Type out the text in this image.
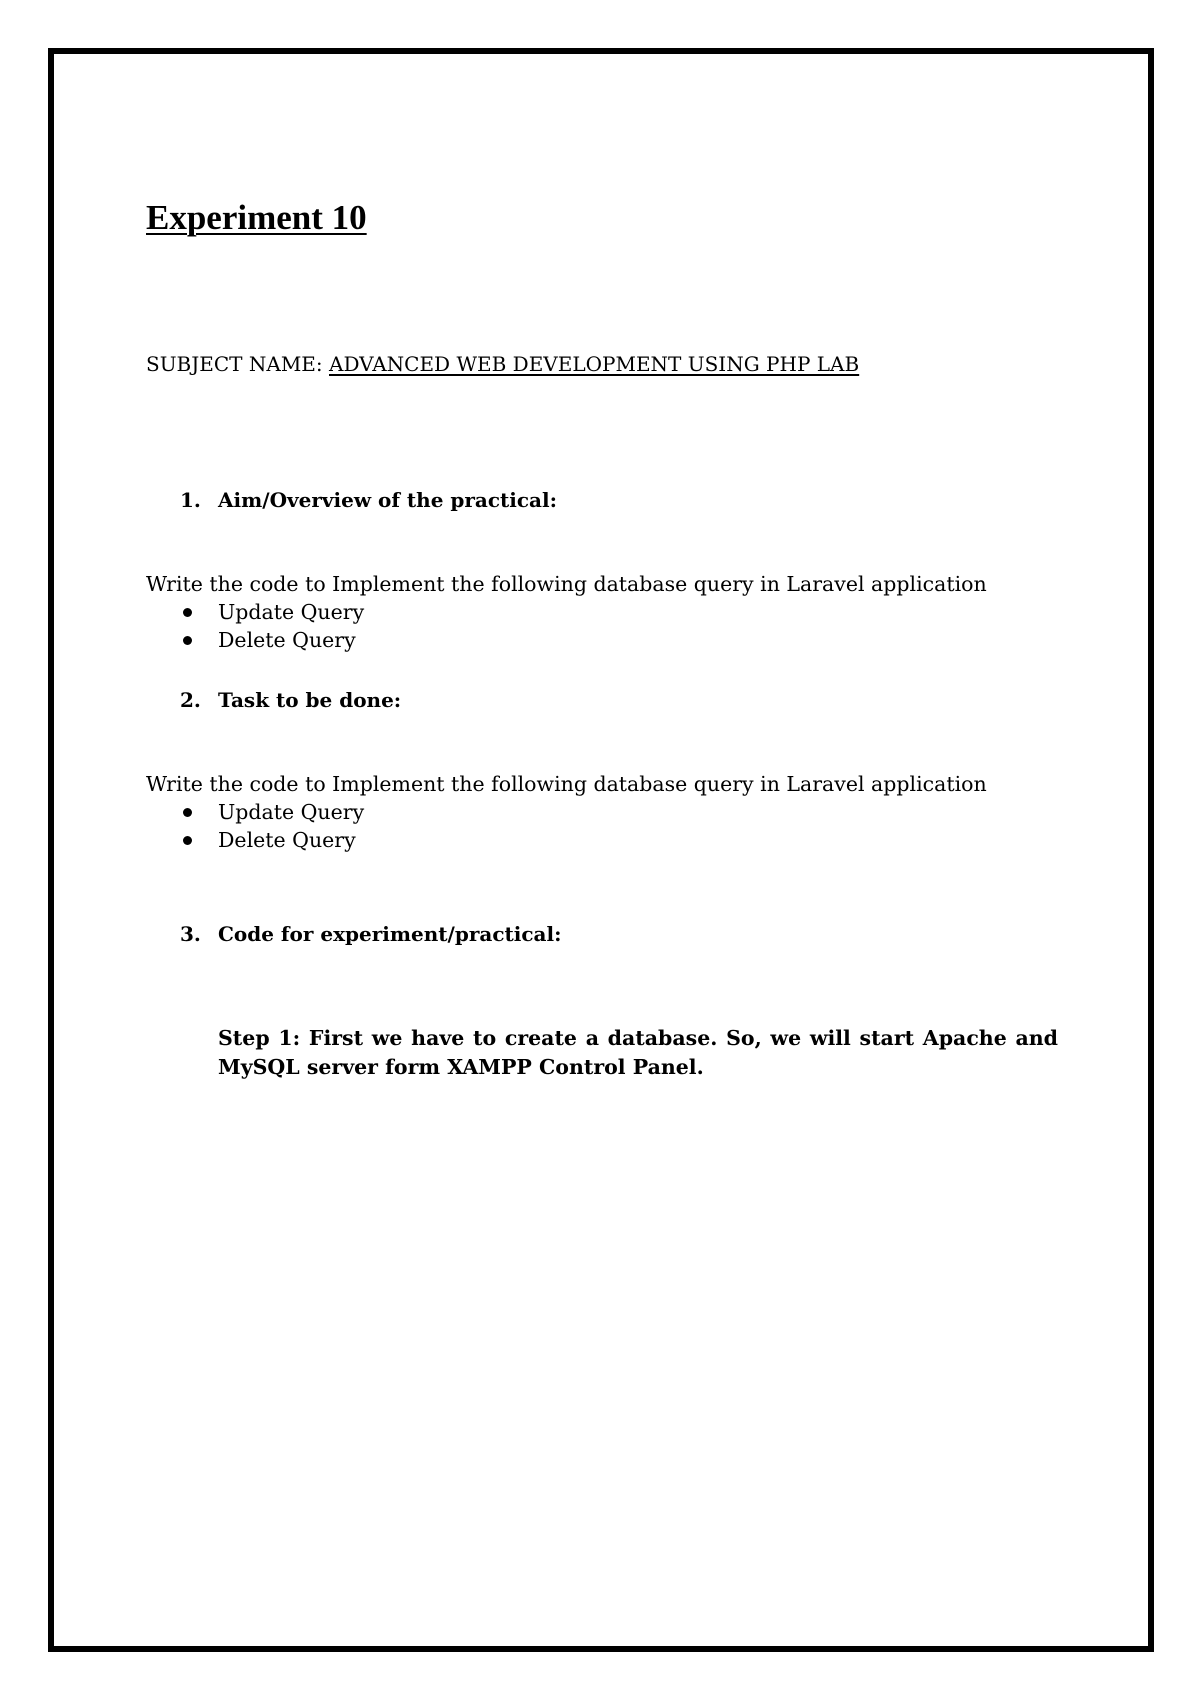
Experiment 10
SUBJECT NAME: ADVANCED WEB DEVELOPMENT USING PHP LAB
1. Aim/Overview of the practical:
Write the code to Implement the following database query in Laravel application
Update Query
Delete Query
2. Task to be done:
Write the code to Implement the following database query in Laravel application
Update Query
Delete Query
3. Code for experiment/practical:
Step 1: First we have to create a database. So, we will start Apache and MySQL server form XAMPP Control Panel.
